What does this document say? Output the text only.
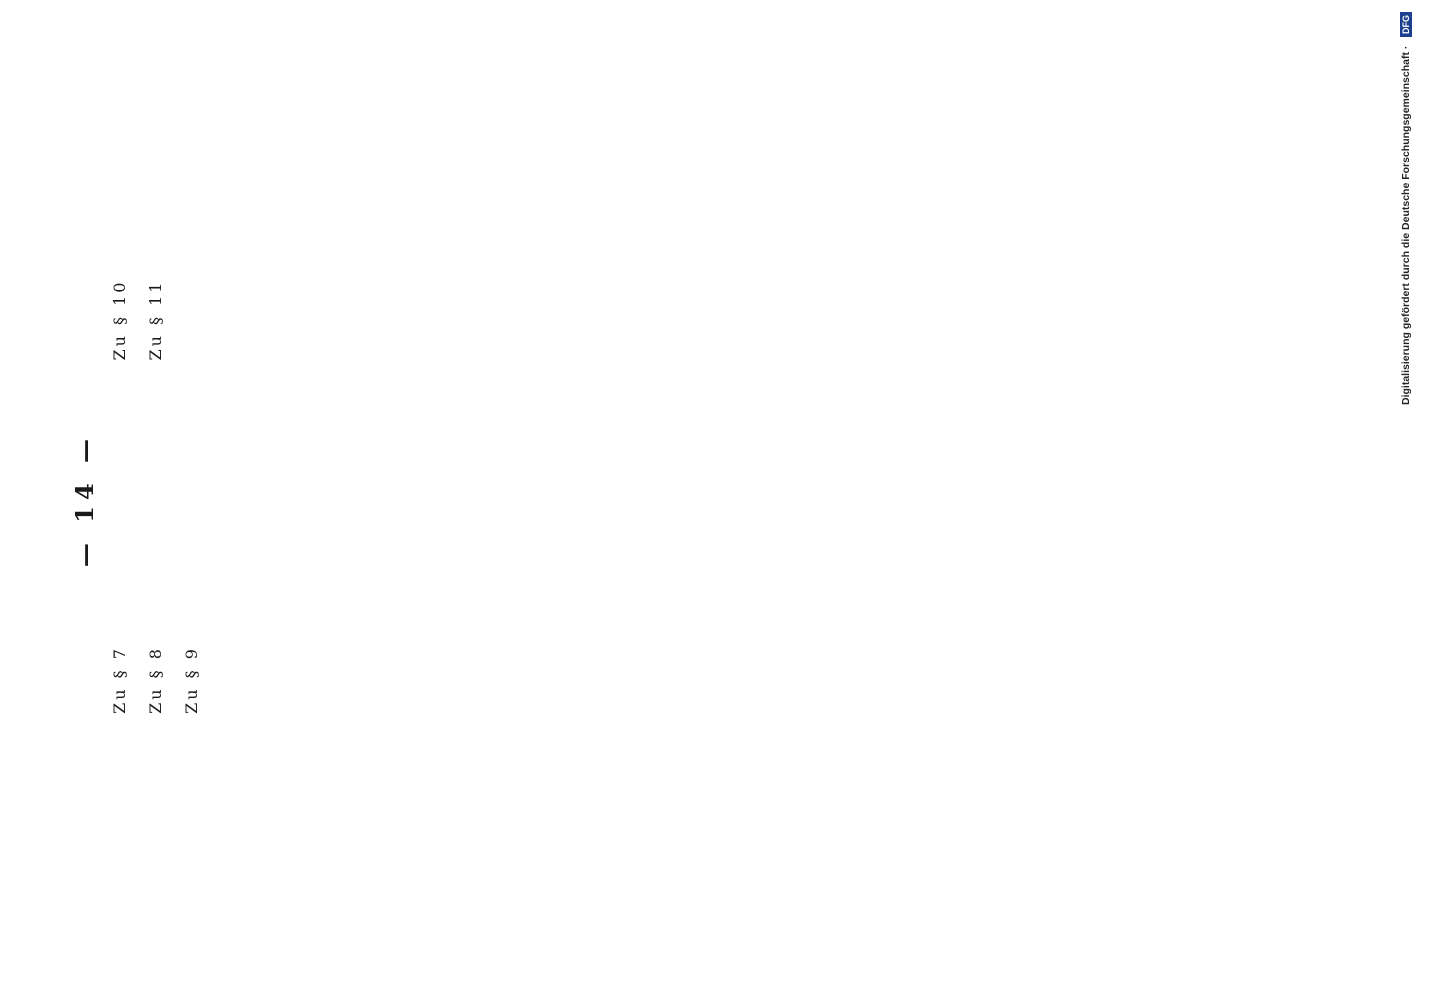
— 14 —

Zu § 7 Zu § 8 Zu § 9

Zu § 10 Zu § 11	Digitalisierung gefördert durch die Deutsche Forschungsgemeinschaft · DFG
